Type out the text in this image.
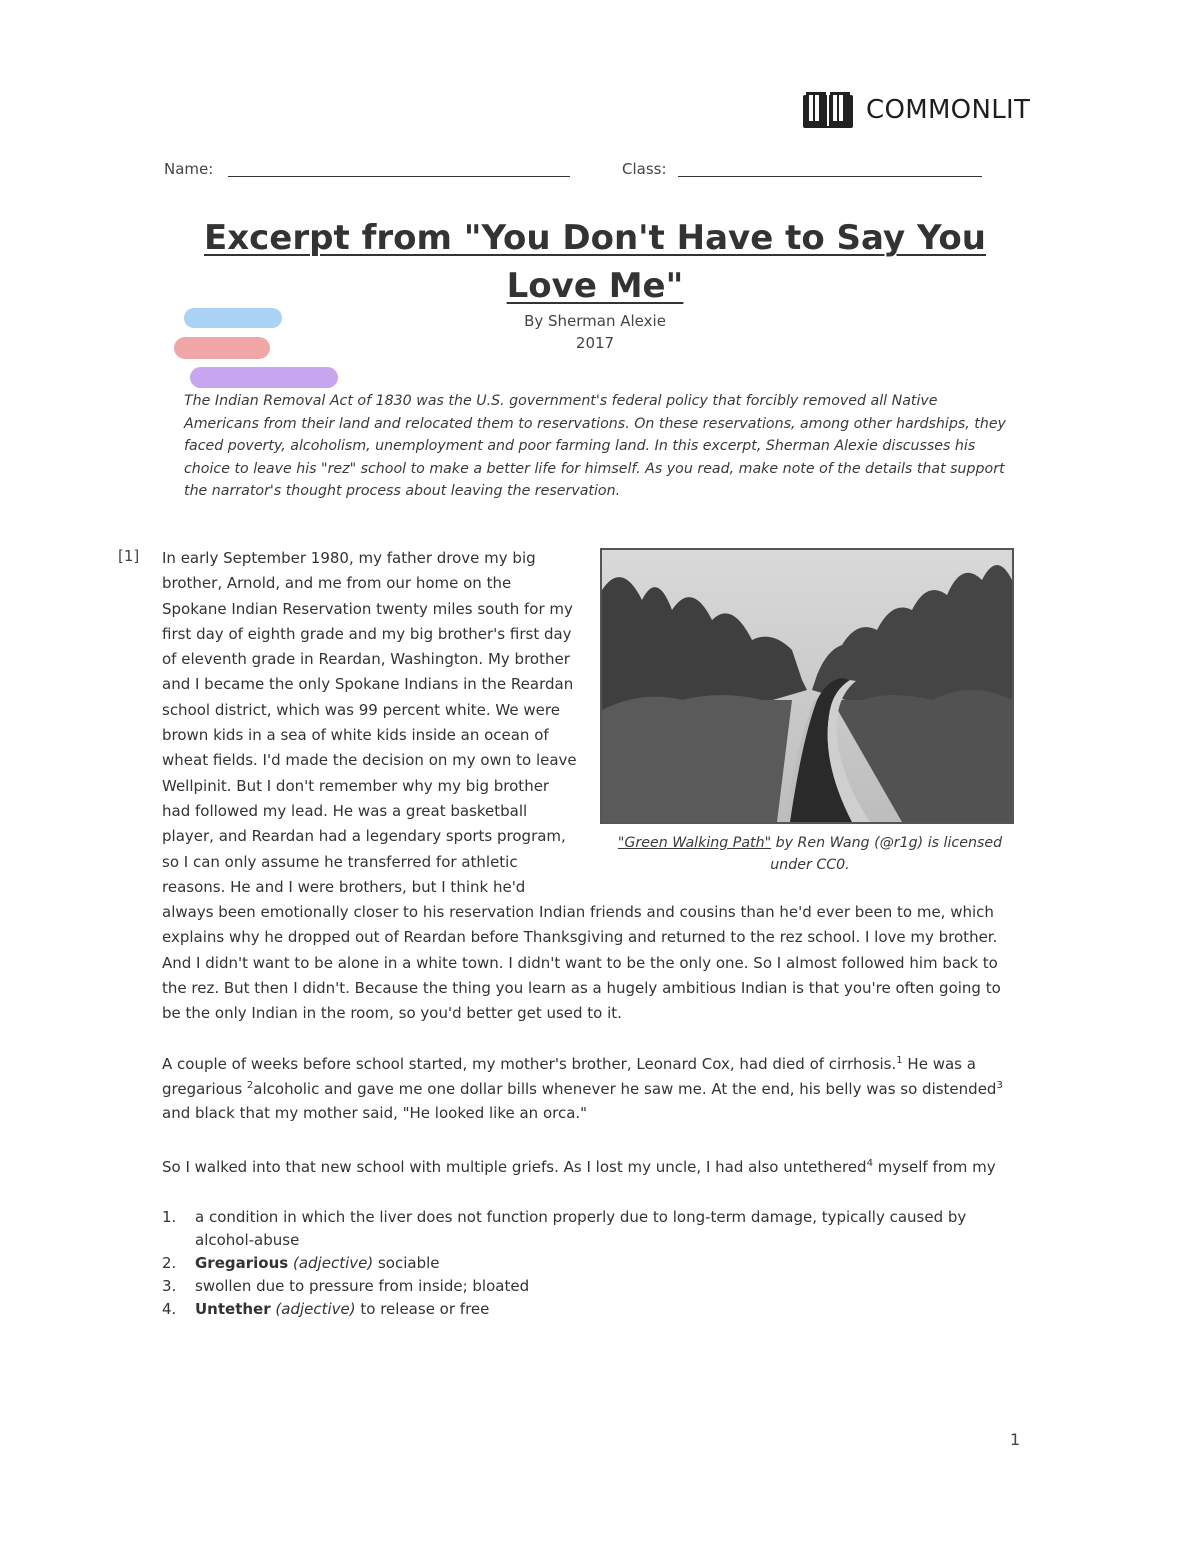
COMMONLIT
Name:	Class:
Excerpt from "You Don't Have to Say You Love Me"
By Sherman Alexie
2017
The Indian Removal Act of 1830 was the U.S. government's federal policy that forcibly removed all Native Americans from their land and relocated them to reservations. On these reservations, among other hardships, they faced poverty, alcoholism, unemployment and poor farming land. In this excerpt, Sherman Alexie discusses his choice to leave his "rez" school to make a better life for himself. As you read, make note of the details that support the narrator's thought process about leaving the reservation.
[1]
"Green Walking Path" by Ren Wang (@r1g) is licensed under CC0.

In early September 1980, my father drove my big brother, Arnold, and me from our home on the Spokane Indian Reservation twenty miles south for my first day of eighth grade and my big brother's first day of eleventh grade in Reardan, Washington. My brother and I became the only Spokane Indians in the Reardan school district, which was 99 percent white. We were brown kids in a sea of white kids inside an ocean of wheat fields. I'd made the decision on my own to leave Wellpinit. But I don't remember why my big brother had followed my lead. He was a great basketball player, and Reardan had a legendary sports program, so I can only assume he transferred for athletic reasons. He and I were brothers, but I think he'd always been emotionally closer to his reservation Indian friends and cousins than he'd ever been to me, which explains why he dropped out of Reardan before Thanksgiving and returned to the rez school. I love my brother. And I didn't want to be alone in a white town. I didn't want to be the only one. So I almost followed him back to the rez. But then I didn't. Because the thing you learn as a hugely ambitious Indian is that you're often going to be the only Indian in the room, so you'd better get used to it.

A couple of weeks before school started, my mother's brother, Leonard Cox, had died of cirrhosis.$^1$ He was a gregarious $^2$alcoholic and gave me one dollar bills whenever he saw me. At the end, his belly was so distended$^3$ and black that my mother said, "He looked like an orca."

So I walked into that new school with multiple griefs. As I lost my uncle, I had also untethered$^4$ myself from my

1.	a condition in which the liver does not function properly due to long-term damage, typically caused by alcohol-abuse
2.	Gregarious (adjective) sociable
3.	swollen due to pressure from inside; bloated
4.	Untether (adjective) to release or free
1
